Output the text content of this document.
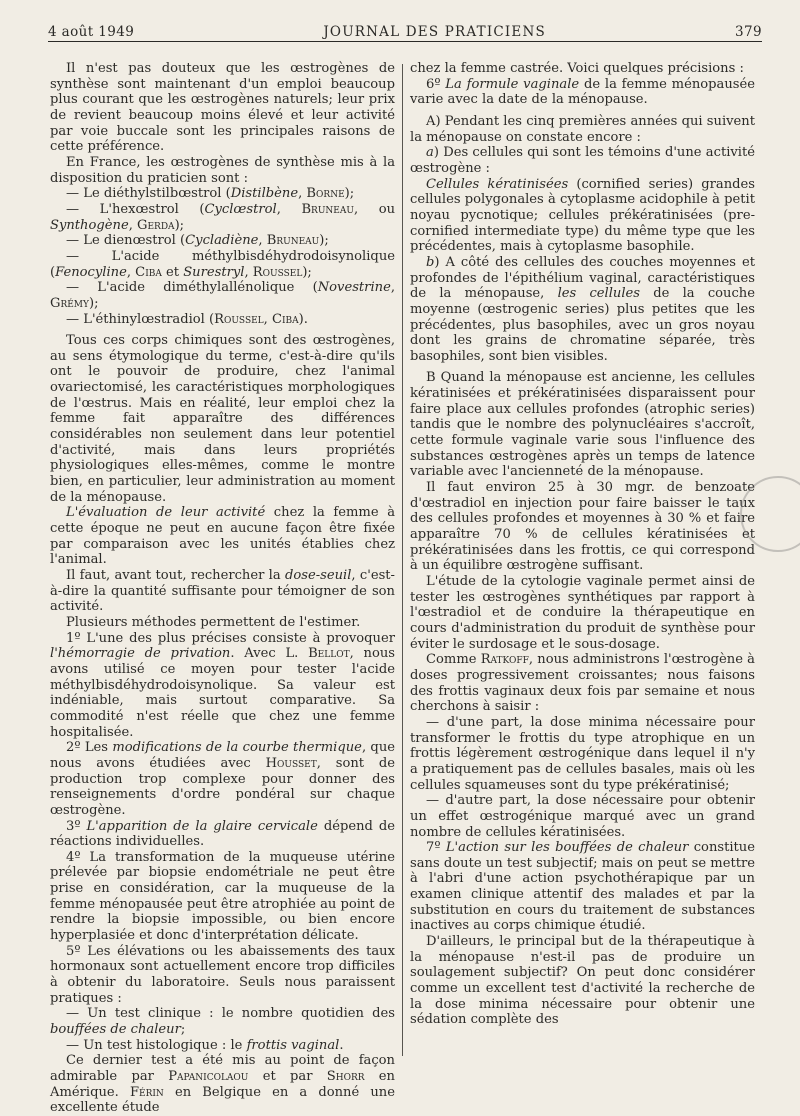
4 août 1949	JOURNAL DES PRATICIENS	379

Il n'est pas douteux que les œstrogènes de synthèse sont maintenant d'un emploi beaucoup plus courant que les œstrogènes naturels; leur prix de revient beaucoup moins élevé et leur activité par voie buccale sont les principales raisons de cette préférence.

En France, les œstrogènes de synthèse mis à la disposition du praticien sont :

— Le diéthylstilbœstrol (Distilbène, Borne);

— L'hexœstrol (Cyclœstrol, Bruneau, ou Synthogène, Gerda);

— Le dienœstrol (Cycladiène, Bruneau);

— L'acide méthylbisdéhydrodoisynolique (Fenocyline, Ciba et Surestryl, Roussel);

— L'acide diméthylallénolique (Novestrine, Grémy);

— L'éthinylœstradiol (Roussel, Ciba).

Tous ces corps chimiques sont des œstrogènes, au sens étymologique du terme, c'est-à-dire qu'ils ont le pouvoir de produire, chez l'animal ovariectomisé, les caractéristiques morphologiques de l'œstrus. Mais en réalité, leur emploi chez la femme fait apparaître des différences considérables non seulement dans leur potentiel d'activité, mais dans leurs propriétés physiologiques elles-mêmes, comme le montre bien, en particulier, leur administration au moment de la ménopause.

L'évaluation de leur activité chez la femme à cette époque ne peut en aucune façon être fixée par comparaison avec les unités établies chez l'animal.

Il faut, avant tout, rechercher la dose-seuil, c'est-à-dire la quantité suffisante pour témoigner de son activité.

Plusieurs méthodes permettent de l'estimer.

1º L'une des plus précises consiste à provoquer l'hémorragie de privation. Avec L. Bellot, nous avons utilisé ce moyen pour tester l'acide méthylbisdéhydrodoisynolique. Sa valeur est indéniable, mais surtout comparative. Sa commodité n'est réelle que chez une femme hospitalisée.

2º Les modifications de la courbe thermique, que nous avons étudiées avec Housset, sont de production trop complexe pour donner des renseignements d'ordre pondéral sur chaque œstrogène.

3º L'apparition de la glaire cervicale dépend de réactions individuelles.

4º La transformation de la muqueuse utérine prélevée par biopsie endométriale ne peut être prise en considération, car la muqueuse de la femme ménopausée peut être atrophiée au point de rendre la biopsie impossible, ou bien encore hyperplasiée et donc d'interprétation délicate.

5º Les élévations ou les abaissements des taux hormonaux sont actuellement encore trop difficiles à obtenir du laboratoire. Seuls nous paraissent pratiques :

— Un test clinique : le nombre quotidien des bouffées de chaleur;

— Un test histologique : le frottis vaginal.

Ce dernier test a été mis au point de façon admirable par Papanicolaou et par Shorr en Amérique. Férin en Belgique en a donné une excellente étude

chez la femme castrée. Voici quelques précisions :

6º La formule vaginale de la femme ménopausée varie avec la date de la ménopause.

A) Pendant les cinq premières années qui suivent la ménopause on constate encore :

a) Des cellules qui sont les témoins d'une activité œstrogène :

Cellules kératinisées (cornified series) grandes cellules polygonales à cytoplasme acidophile à petit noyau pycnotique; cellules prékératinisées (pre-cornified intermediate type) du même type que les précédentes, mais à cytoplasme basophile.

b) A côté des cellules des couches moyennes et profondes de l'épithélium vaginal, caractéristiques de la ménopause, les cellules de la couche moyenne (œstrogenic series) plus petites que les précédentes, plus basophiles, avec un gros noyau dont les grains de chromatine séparée, très basophiles, sont bien visibles.

B Quand la ménopause est ancienne, les cellules kératinisées et prékératinisées disparaissent pour faire place aux cellules profondes (atrophic series) tandis que le nombre des polynucléaires s'accroît, cette formule vaginale varie sous l'influence des substances œstrogènes après un temps de latence variable avec l'ancienneté de la ménopause.

Il faut environ 25 à 30 mgr. de benzoate d'œstradiol en injection pour faire baisser le taux des cellules profondes et moyennes à 30 % et faire apparaître 70 % de cellules kératinisées et prékératinisées dans les frottis, ce qui correspond à un équilibre œstrogène suffisant.

L'étude de la cytologie vaginale permet ainsi de tester les œstrogènes synthétiques par rapport à l'œstradiol et de conduire la thérapeutique en cours d'administration du produit de synthèse pour éviter le surdosage et le sous-dosage.

Comme Ratkoff, nous administrons l'œstrogène à doses progressivement croissantes; nous faisons des frottis vaginaux deux fois par semaine et nous cherchons à saisir :

— d'une part, la dose minima nécessaire pour transformer le frottis du type atrophique en un frottis légèrement œstrogénique dans lequel il n'y a pratiquement pas de cellules basales, mais où les cellules squameuses sont du type prékératinisé;

— d'autre part, la dose nécessaire pour obtenir un effet œstrogénique marqué avec un grand nombre de cellules kératinisées.

7º L'action sur les bouffées de chaleur constitue sans doute un test subjectif; mais on peut se mettre à l'abri d'une action psychothérapique par un examen clinique attentif des malades et par la substitution en cours du traitement de substances inactives au corps chimique étudié.

D'ailleurs, le principal but de la thérapeutique à la ménopause n'est-il pas de produire un soulagement subjectif? On peut donc considérer comme un excellent test d'activité la recherche de la dose minima nécessaire pour obtenir une sédation complète des
